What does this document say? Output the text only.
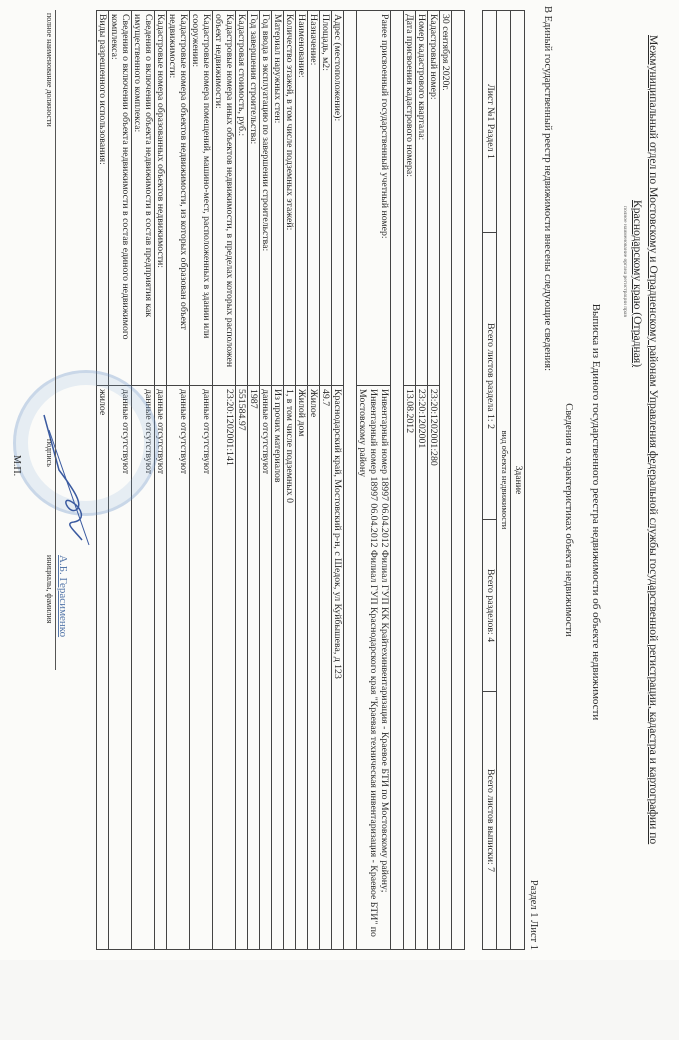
Межмуниципальный отдел по Мостовскому и Отрадненскому районам Управления федеральной службы государственной регистрации, кадастра и картографии по
Краснодарскому краю (Отрадная)
полное наименование органа регистрации прав
Выписка из Единого государственного реестра недвижимости об объекте недвижимости
Сведения о характеристиках объекта недвижимости
В Единый государственный реестр недвижимости внесены следующие сведения:
Раздел 1 Лист 1
Здание
вид объекта недвижимости
Лист №1 Раздел 1	Всего листов раздела 1: 2	Всего разделов: 4	Всего листов выписки: 7

30 сентября 2020г.	
Кадастровый номер:	23:20:1202001:280
Номер кадастрового квартала:	23:20:1202001
Дата присвоения кадастрового номера:	13.08.2012

Ранее присвоенный государственный учетный номер:	Инвентарный номер 18997 06.04.2012 Филиал ГУП КК Крайтехинвентаризация - Краевое БТИ по Мостовскому району; Инвентарный номер 18997 06.04.2012 Филиал ГУП Краснодарского края "Краевая техническая инвентаризация - Краевое БТИ" по Мостовскому району

Адрес (местоположение):	Краснодарский край, Мостовский р-н, с Шедок, ул Куйбышева, д 123
Площадь, м2:	49.7
Назначение:	Жилое
Наименование:	Жилой дом
Количество этажей, в том числе подземных этажей:	1, в том числе подземных 0
Материал наружных стен:	Из прочих материалов
Год ввода в эксплуатацию по завершении строительства:	данные отсутствуют
Год завершения строительства:	1987
Кадастровая стоимость, руб.:	551584.97
Кадастровые номера иных объектов недвижимости, в пределах которых расположен объект недвижимости:	23:20:1202001:141
Кадастровые номера помещений, машино-мест, расположенных в здании или сооружении:	данные отсутствуют
Кадастровые номера объектов недвижимости, из которых образован объект недвижимости:	данные отсутствуют
Кадастровые номера образованных объектов недвижимости:	данные отсутствуют
Сведения о включении объекта недвижимости в состав предприятия как имущественного комплекса:	данные отсутствуют
Сведения о включении объекта недвижимости в состав единого недвижимого комплекса:	данные отсутствуют
Виды разрешенного использования:	жилое
		А.Б. Герасименко
полное наименование должности	подпись	инициалы, фамилия
М.П.
